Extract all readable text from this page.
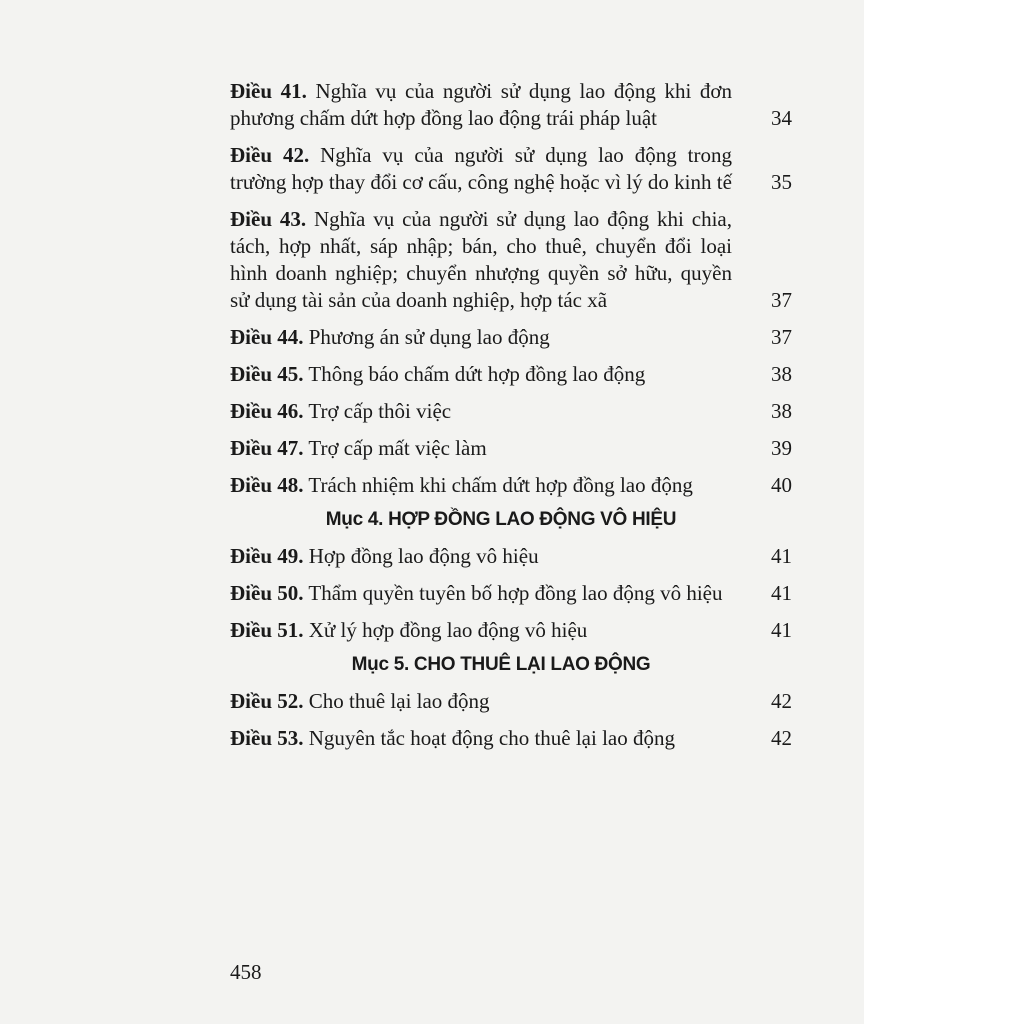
Điều 41. Nghĩa vụ của người sử dụng lao động khi đơn phương chấm dứt hợp đồng lao động trái pháp luật	34
Điều 42. Nghĩa vụ của người sử dụng lao động trong trường hợp thay đổi cơ cấu, công nghệ hoặc vì lý do kinh tế	35
Điều 43. Nghĩa vụ của người sử dụng lao động khi chia, tách, hợp nhất, sáp nhập; bán, cho thuê, chuyển đổi loại hình doanh nghiệp; chuyển nhượng quyền sở hữu, quyền sử dụng tài sản của doanh nghiệp, hợp tác xã	37
Điều 44. Phương án sử dụng lao động	37
Điều 45. Thông báo chấm dứt hợp đồng lao động	38
Điều 46. Trợ cấp thôi việc	38
Điều 47. Trợ cấp mất việc làm	39
Điều 48. Trách nhiệm khi chấm dứt hợp đồng lao động	40
Mục 4. HỢP ĐỒNG LAO ĐỘNG VÔ HIỆU
Điều 49. Hợp đồng lao động vô hiệu	41
Điều 50. Thẩm quyền tuyên bố hợp đồng lao động vô hiệu	41
Điều 51. Xử lý hợp đồng lao động vô hiệu	41
Mục 5. CHO THUÊ LẠI LAO ĐỘNG
Điều 52. Cho thuê lại lao động	42
Điều 53. Nguyên tắc hoạt động cho thuê lại lao động	42
458
